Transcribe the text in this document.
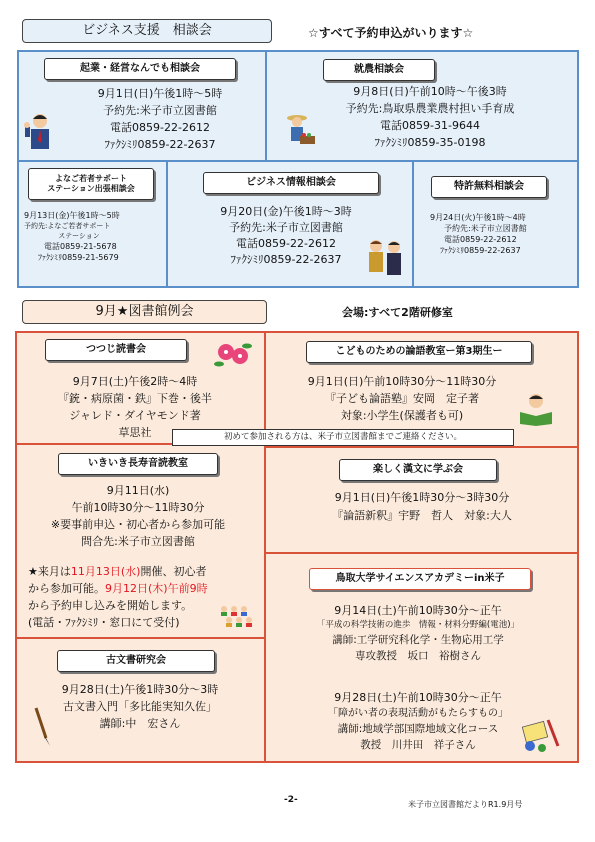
ビジネス支援　相談会	☆すべて予約申込がいります☆
起業・経営なんでも相談会
9月1日(日)午後1時～5時
予約先:米子市立図書館
電話0859-22-2612
ﾌｧｸｼﾐﾘ0859-22-2637
就農相談会
9月8日(日)午前10時～午後3時
予約先:鳥取県農業農村担い手育成
電話0859-31-9644
ﾌｧｸｼﾐﾘ0859-35-0198
よなご若者サポート
ステーション出張相談会
9月13日(金)午後1時～5時
予約先:よなご若者サポート
ステーション
電話0859-21-5678
ﾌｧｸｼﾐﾘ0859-21-5679
ビジネス情報相談会
9月20日(金)午後1時～3時
予約先:米子市立図書館
電話0859-22-2612
ﾌｧｸｼﾐﾘ0859-22-2637
特許無料相談会
9月24日(火)午後1時～4時
予約先:米子市立図書館
電話0859-22-2612
ﾌｧｸｼﾐﾘ0859-22-2637
9月★図書館例会	会場:すべて2階研修室
つつじ読書会
9月7日(土)午後2時～4時
『銃・病原菌・鉄』下巻・後半
ジャレド・ダイヤモンド著
草思社	初めて参加される方は、米子市立図書館までご連絡ください。
こどものための論語教室ー第3期生ー
9月1日(日)午前10時30分～11時30分
『子ども論語塾』安岡　定子著
対象:小学生(保護者も可)
いきいき長寿音読教室
9月11日(水)
午前10時30分～11時30分
※要事前申込・初心者から参加可能
問合先:米子市立図書館
★来月は11月13日(水)開催、初心者
から参加可能。9月12日(木)午前9時
から予約申し込みを開始します。
(電話・ﾌｧｸｼﾐﾘ・窓口にて受付)
楽しく漢文に学ぶ会
9月1日(日)午後1時30分～3時30分
『論語新釈』宇野　哲人　対象:大人
古文書研究会
9月28日(土)午後1時30分～3時
古文書入門「多比能実知久佐」
講師:中　宏さん
鳥取大学サイエンスアカデミーin米子
9月14日(土)午前10時30分～正午
「平成の科学技術の進歩　情報・材料分野編(電池)」
講師:工学研究科化学・生物応用工学
専攻教授　坂口　裕樹さん
9月28日(土)午前10時30分～正午
「障がい者の表現活動がもたらすもの」
講師:地域学部国際地域文化コース
教授　川井田　祥子さん
-2-	米子市立図書館だよりR1.9月号
